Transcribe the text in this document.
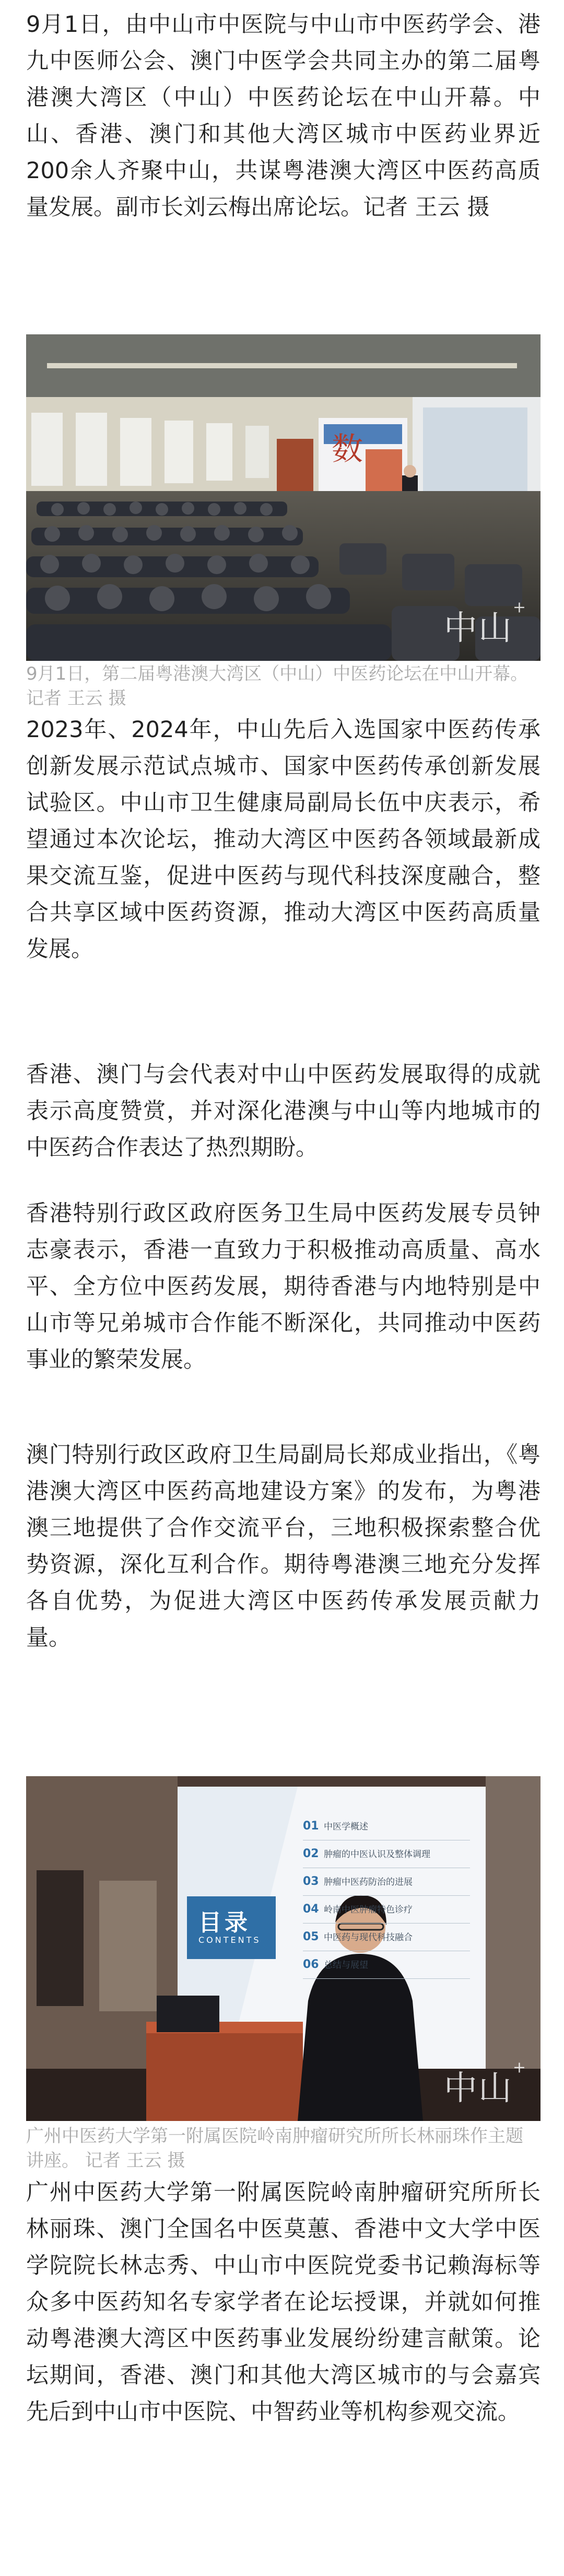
9月1日，由中山市中医院与中山市中医药学会、港九中医师公会、澳门中医学会共同主办的第二届粤港澳大湾区（中山）中医药论坛在中山开幕。中山、香港、澳门和其他大湾区城市中医药业界近200余人齐聚中山，共谋粤港澳大湾区中医药高质量发展。副市长刘云梅出席论坛。记者 王云 摄

数
中山+

9月1日，第二届粤港澳大湾区（中山）中医药论坛在中山开幕。 记者 王云 摄

2023年、2024年，中山先后入选国家中医药传承创新发展示范试点城市、国家中医药传承创新发展试验区。中山市卫生健康局副局长伍中庆表示，希望通过本次论坛，推动大湾区中医药各领域最新成果交流互鉴，促进中医药与现代科技深度融合，整合共享区域中医药资源，推动大湾区中医药高质量发展。

香港、澳门与会代表对中山中医药发展取得的成就表示高度赞赏，并对深化港澳与中山等内地城市的中医药合作表达了热烈期盼。

香港特别行政区政府医务卫生局中医药发展专员钟志豪表示，香港一直致力于积极推动高质量、高水平、全方位中医药发展，期待香港与内地特别是中山市等兄弟城市合作能不断深化，共同推动中医药事业的繁荣发展。

澳门特别行政区政府卫生局副局长郑成业指出，《粤港澳大湾区中医药高地建设方案》的发布，为粤港澳三地提供了合作交流平台，三地积极探索整合优势资源，深化互利合作。期待粤港澳三地充分发挥各自优势，为促进大湾区中医药传承发展贡献力量。

目录
CONTENTS
01 中医学概述
02 肿瘤的中医认识及整体调理
03 肿瘤中医药防治的进展
04 岭南中医肿瘤特色诊疗
05 中医药与现代科技融合
06 总结与展望
中山+

广州中医药大学第一附属医院岭南肿瘤研究所所长林丽珠作主题讲座。 记者 王云 摄

广州中医药大学第一附属医院岭南肿瘤研究所所长林丽珠、澳门全国名中医莫蕙、香港中文大学中医学院院长林志秀、中山市中医院党委书记赖海标等众多中医药知名专家学者在论坛授课，并就如何推动粤港澳大湾区中医药事业发展纷纷建言献策。论坛期间，香港、澳门和其他大湾区城市的与会嘉宾先后到中山市中医院、中智药业等机构参观交流。
